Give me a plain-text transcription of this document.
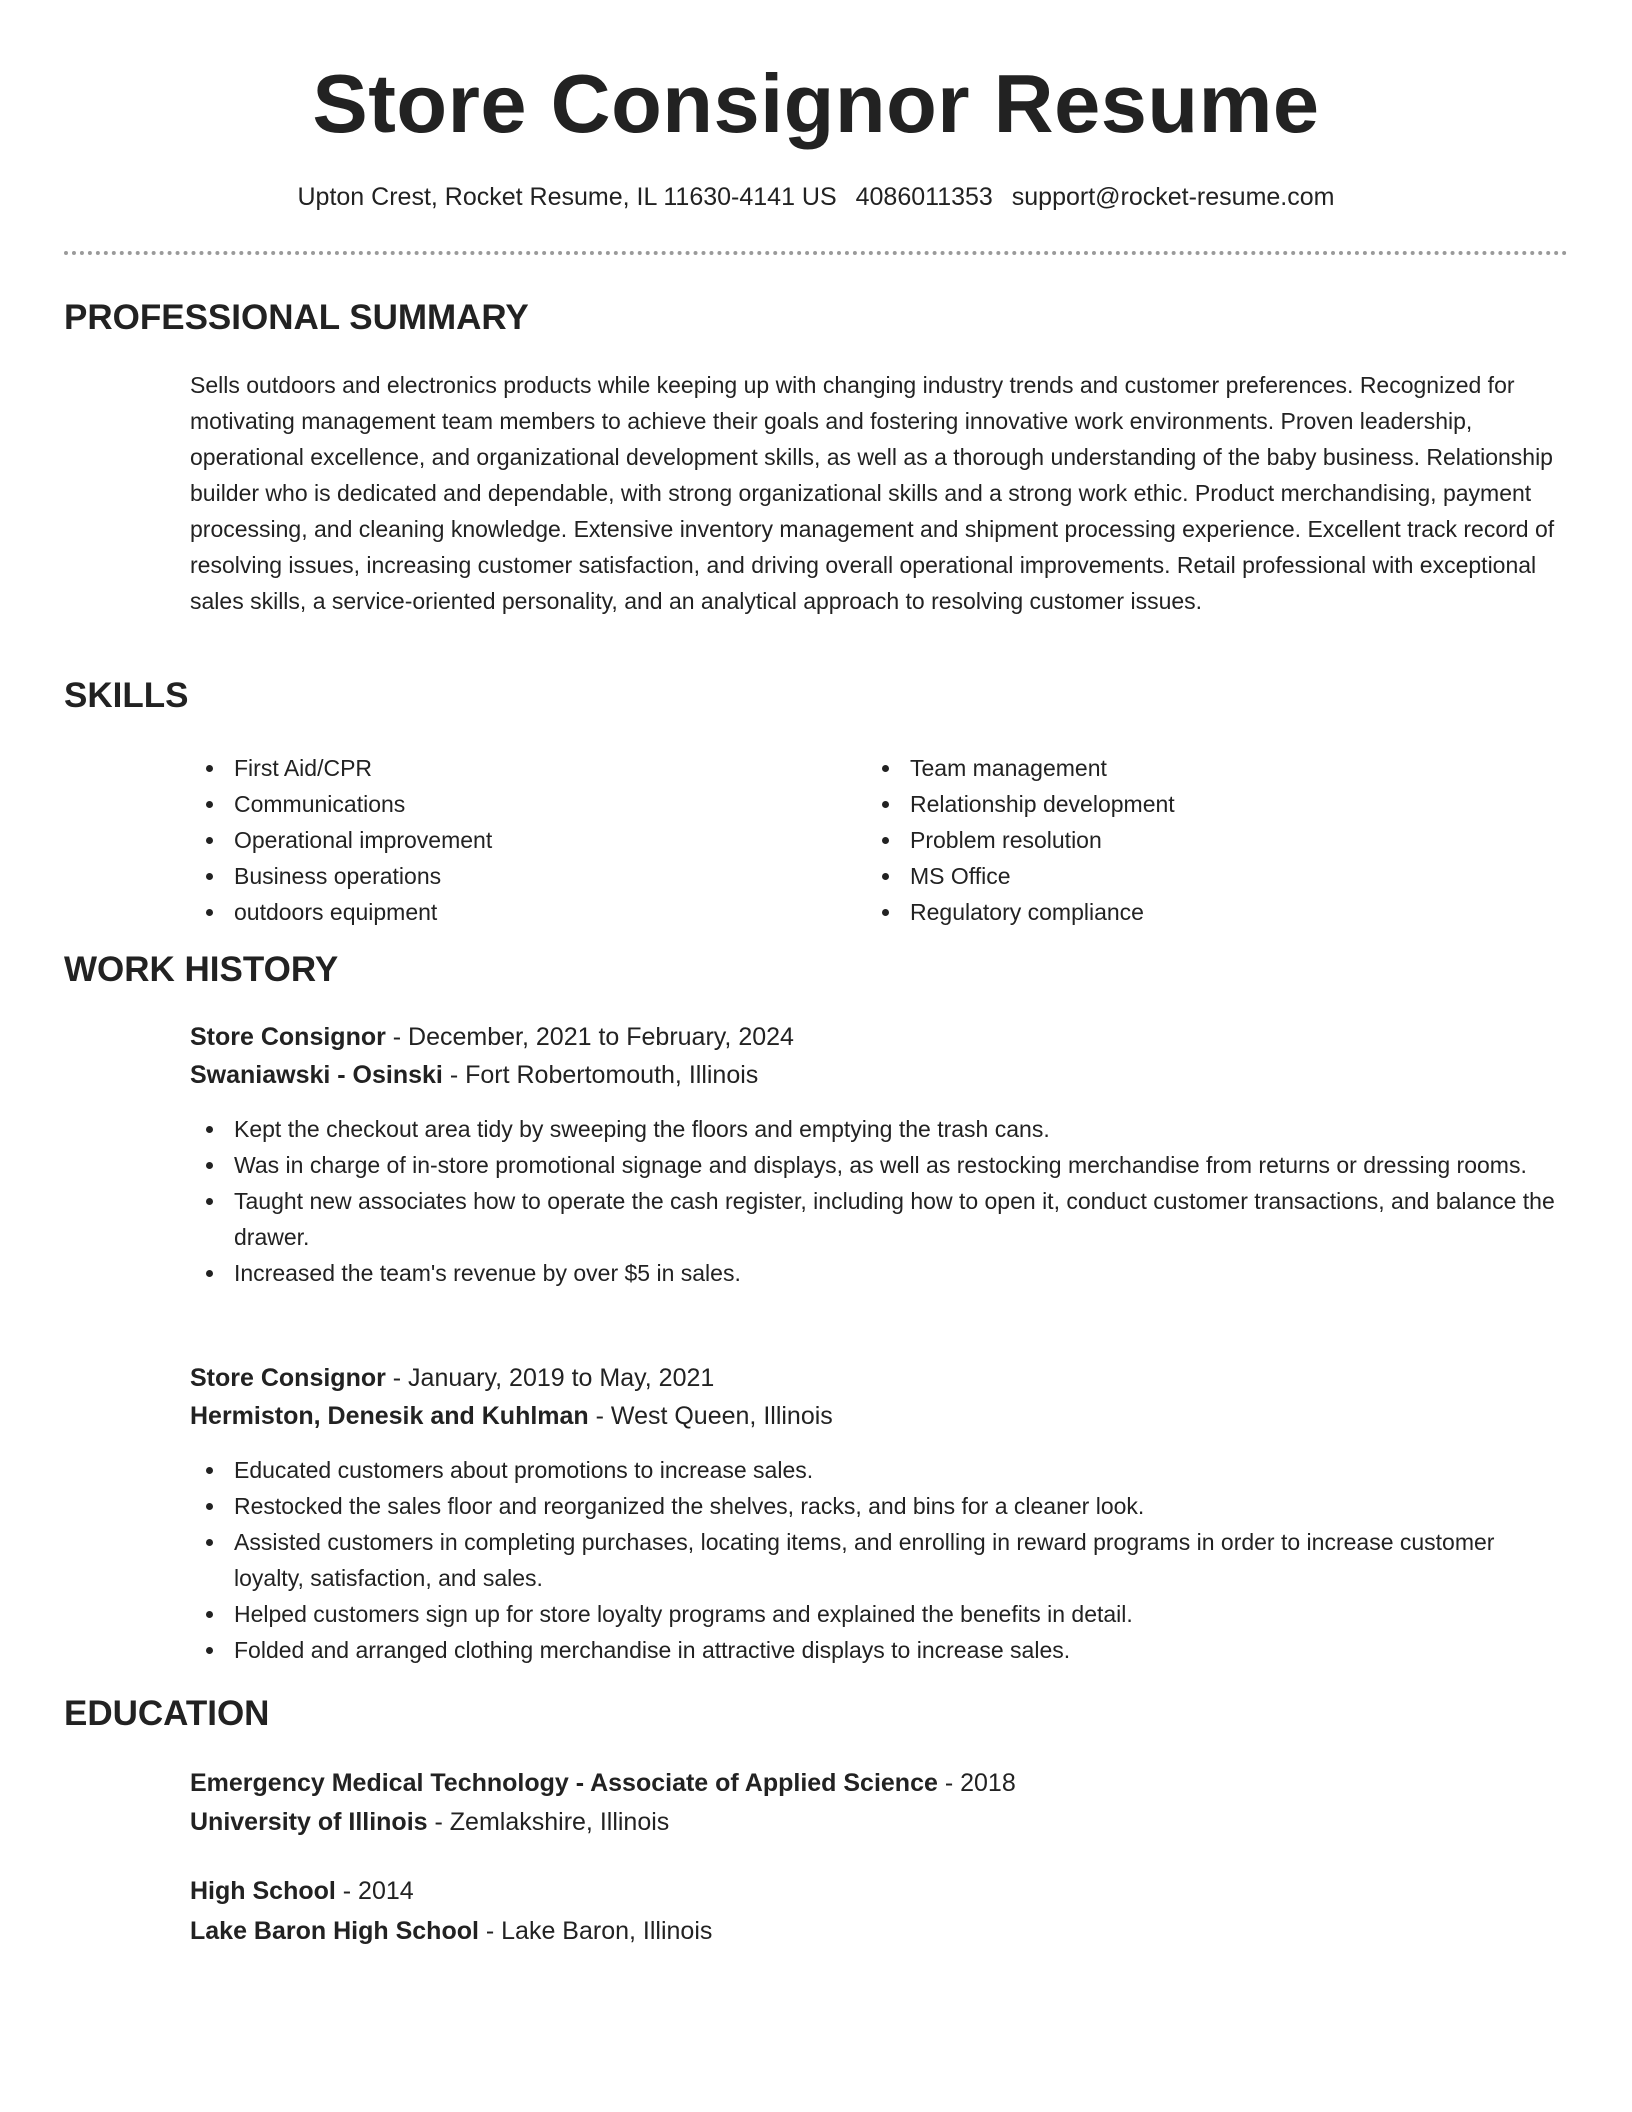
Store Consignor Resume
Upton Crest, Rocket Resume, IL 11630-4141 US 4086011353 support@rocket-resume.com
PROFESSIONAL SUMMARY

Sells outdoors and electronics products while keeping up with changing industry trends and customer preferences. Recognized for motivating management team members to achieve their goals and fostering innovative work environments. Proven leadership, operational excellence, and organizational development skills, as well as a thorough understanding of the baby business. Relationship builder who is dedicated and dependable, with strong organizational skills and a strong work ethic. Product merchandising, payment processing, and cleaning knowledge. Extensive inventory management and shipment processing experience. Excellent track record of resolving issues, increasing customer satisfaction, and driving overall operational improvements. Retail professional with exceptional sales skills, a service-oriented personality, and an analytical approach to resolving customer issues.

SKILLS
First Aid/CPR
Communications
Operational improvement
Business operations
outdoors equipment
Team management
Relationship development
Problem resolution
MS Office
Regulatory compliance
WORK HISTORY
Store Consignor - December, 2021 to February, 2024
Swaniawski - Osinski - Fort Robertomouth, Illinois
Kept the checkout area tidy by sweeping the floors and emptying the trash cans.
Was in charge of in-store promotional signage and displays, as well as restocking merchandise from returns or dressing rooms.
Taught new associates how to operate the cash register, including how to open it, conduct customer transactions, and balance the drawer.
Increased the team's revenue by over $5 in sales.
Store Consignor - January, 2019 to May, 2021
Hermiston, Denesik and Kuhlman - West Queen, Illinois
Educated customers about promotions to increase sales.
Restocked the sales floor and reorganized the shelves, racks, and bins for a cleaner look.
Assisted customers in completing purchases, locating items, and enrolling in reward programs in order to increase customer loyalty, satisfaction, and sales.
Helped customers sign up for store loyalty programs and explained the benefits in detail.
Folded and arranged clothing merchandise in attractive displays to increase sales.
EDUCATION
Emergency Medical Technology - Associate of Applied Science - 2018
University of Illinois - Zemlakshire, Illinois
High School - 2014
Lake Baron High School - Lake Baron, Illinois
